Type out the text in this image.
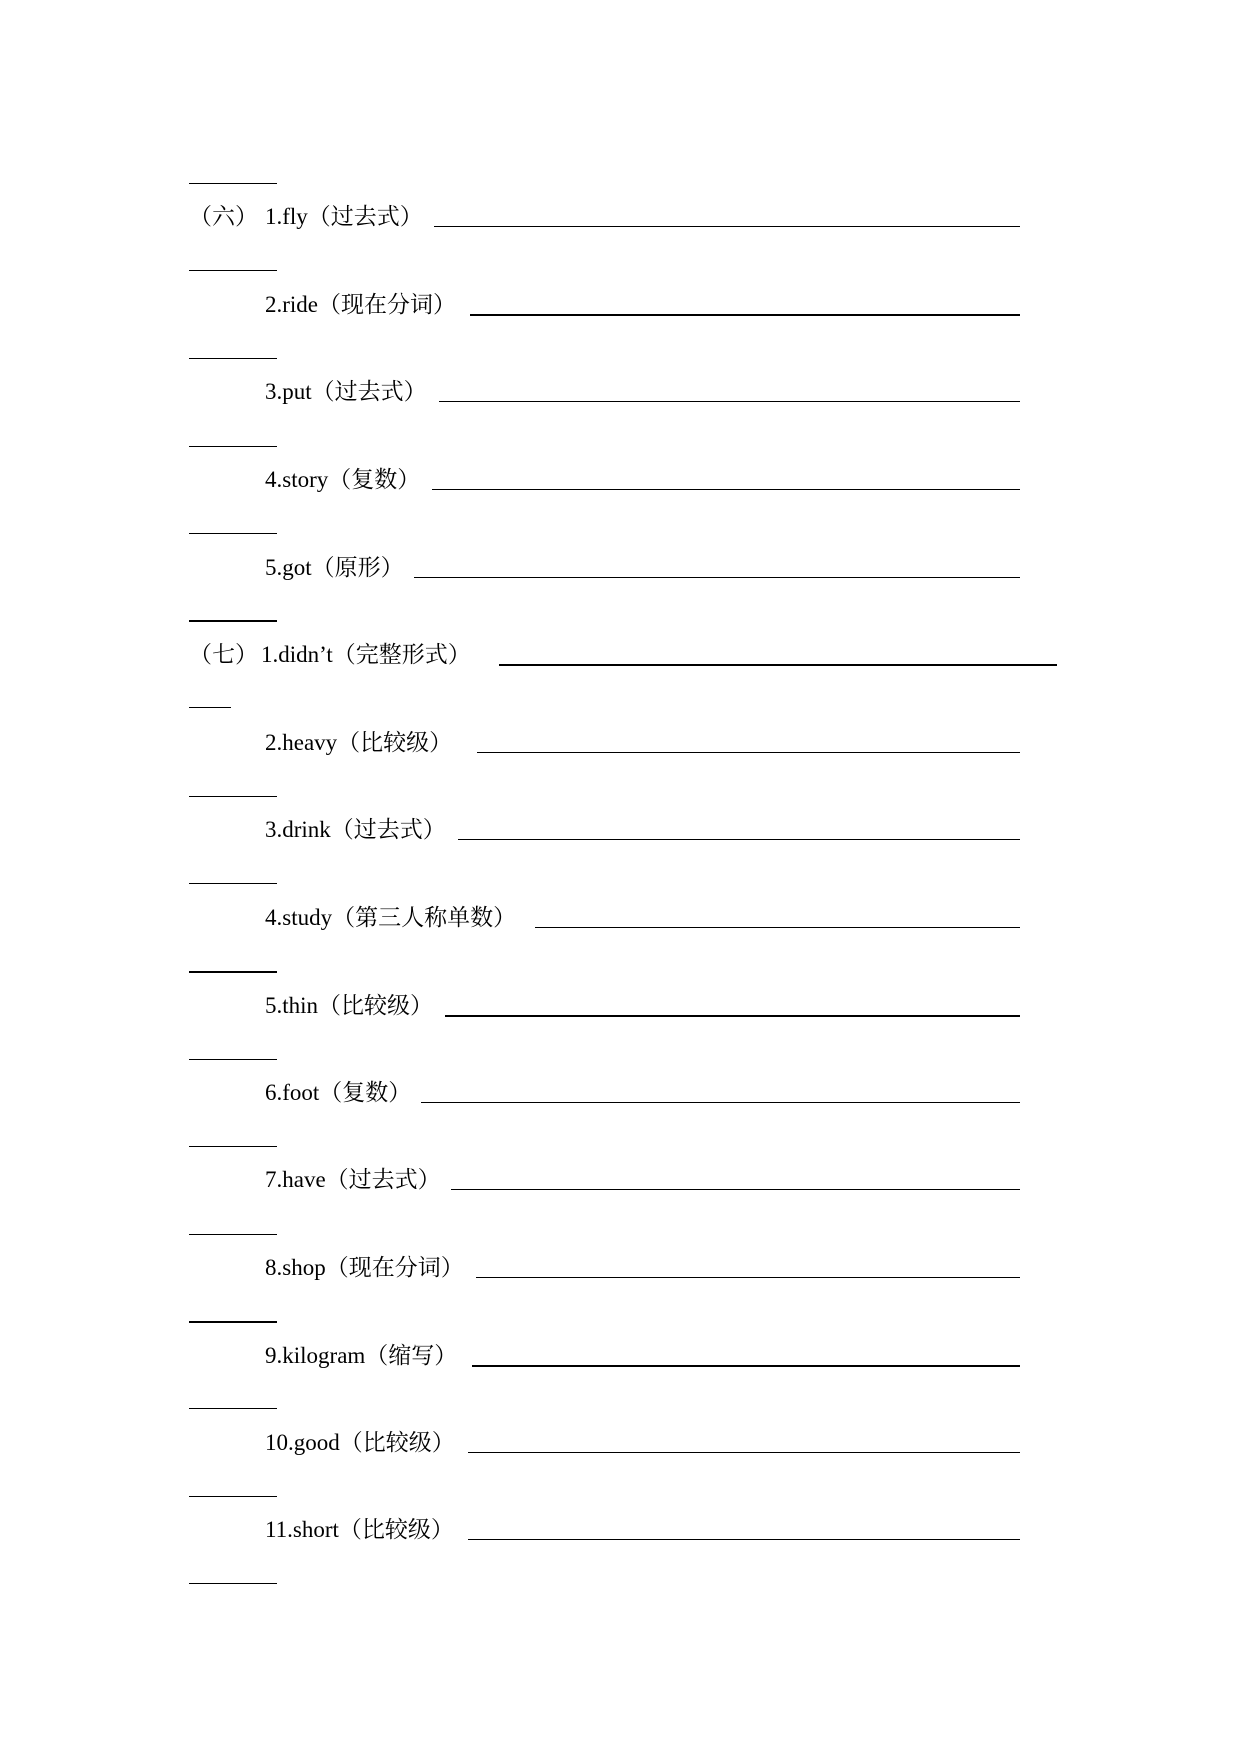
（六） 1.fly（过去式）
2.ride（现在分词）
3.put（过去式）
4.story（复数）
5.got（原形）
（七） 1.didn’t（完整形式）
2.heavy（比较级）
3.drink（过去式）
4.study（第三人称单数）
5.thin（比较级）
6.foot（复数）
7.have（过去式）
8.shop（现在分词）
9.kilogram（缩写）
10.good（比较级）
11.short（比较级）
